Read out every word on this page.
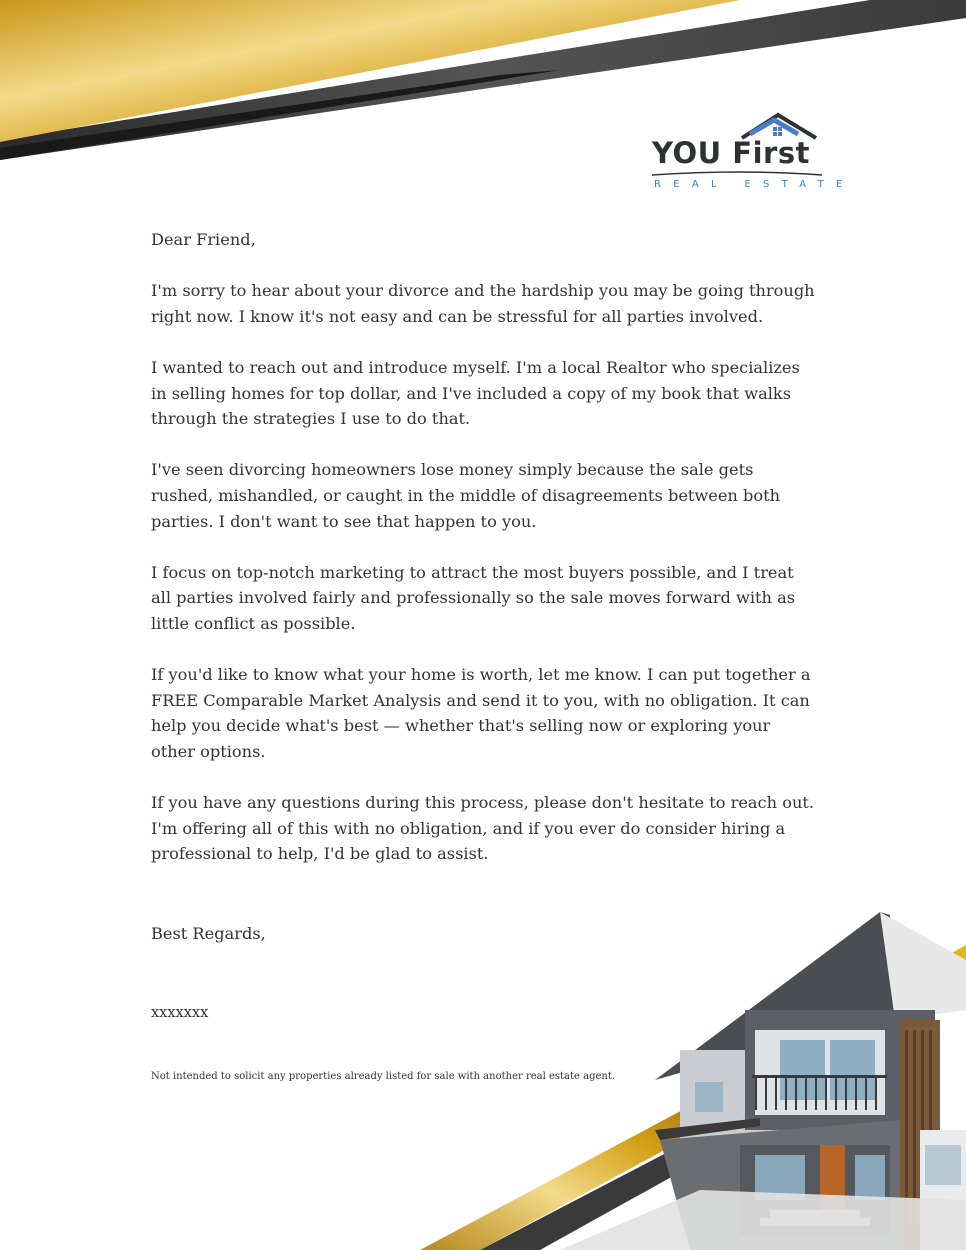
YOU First
REAL ESTATE

Dear Friend,

I'm sorry to hear about your divorce and the hardship you may be going through right now. I know it's not easy and can be stressful for all parties involved.

I wanted to reach out and introduce myself. I'm a local Realtor who specializes in selling homes for top dollar, and I've included a copy of my book that walks through the strategies I use to do that.

I've seen divorcing homeowners lose money simply because the sale gets rushed, mishandled, or caught in the middle of disagreements between both parties. I don't want to see that happen to you.

I focus on top-notch marketing to attract the most buyers possible, and I treat all parties involved fairly and professionally so the sale moves forward with as little conflict as possible.

If you'd like to know what your home is worth, let me know. I can put together a FREE Comparable Market Analysis and send it to you, with no obligation. It can help you decide what's best — whether that's selling now or exploring your other options.

If you have any questions during this process, please don't hesitate to reach out. I'm offering all of this with no obligation, and if you ever do consider hiring a professional to help, I'd be glad to assist.

Best Regards,
xxxxxxx
Not intended to solicit any properties already listed for sale with another real estate agent.
